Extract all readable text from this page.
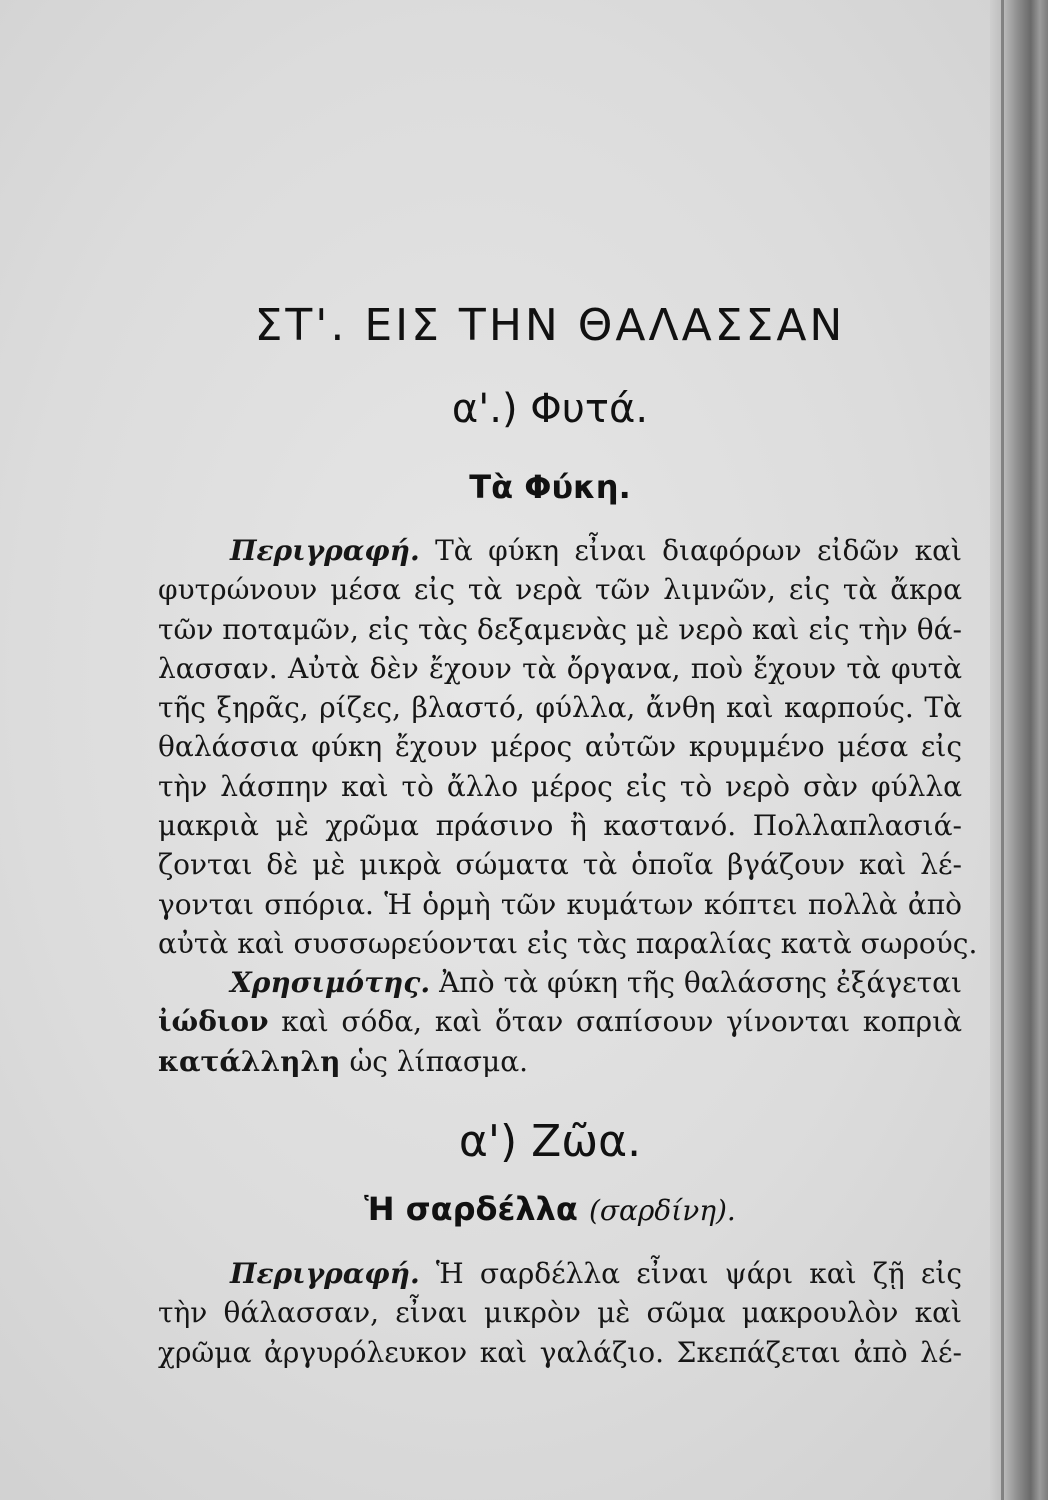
ΣΤ'. ΕΙΣ ΤΗΝ ΘΑΛΑΣΣΑΝ
α'.) Φυτά.
Τὰ Φύκη.

Περιγραφή. Τὰ φύκη εἶναι διαφόρων εἰδῶν καὶ
φυτρώνουν μέσα εἰς τὰ νερὰ τῶν λιμνῶν, εἰς τὰ ἄκρα
τῶν ποταμῶν, εἰς τὰς δεξαμενὰς μὲ νερὸ καὶ εἰς τὴν θά-
λασσαν. Αὐτὰ δὲν ἔχουν τὰ ὄργανα, ποὺ ἔχουν τὰ φυτὰ
τῆς ξηρᾶς, ρίζες, βλαστό, φύλλα, ἄνθη καὶ καρπούς. Τὰ
θαλάσσια φύκη ἔχουν μέρος αὐτῶν κρυμμένο μέσα εἰς
τὴν λάσπην καὶ τὸ ἄλλο μέρος εἰς τὸ νερὸ σὰν φύλλα
μακριὰ μὲ χρῶμα πράσινο ἢ καστανό. Πολλαπλασιά-
ζονται δὲ μὲ μικρὰ σώματα τὰ ὁποῖα βγάζουν καὶ λέ-
γονται σπόρια. Ἡ ὁρμὴ τῶν κυμάτων κόπτει πολλὰ ἀπὸ
αὐτὰ καὶ συσσωρεύονται εἰς τὰς παραλίας κατὰ σωρούς.

Χρησιμότης. Ἀπὸ τὰ φύκη τῆς θαλάσσης ἐξάγεται
ἰώδιον καὶ σόδα, καὶ ὅταν σαπίσουν γίνονται κοπριὰ
κατάλληλη ὡς λίπασμα.

α') Ζῶα.
Ἡ σαρδέλλα (σαρδίνη).

Περιγραφή. Ἡ σαρδέλλα εἶναι ψάρι καὶ ζῇ εἰς
τὴν θάλασσαν, εἶναι μικρὸν μὲ σῶμα μακρουλὸν καὶ
χρῶμα ἀργυρόλευκον καὶ γαλάζιο. Σκεπάζεται ἀπὸ λέ-
